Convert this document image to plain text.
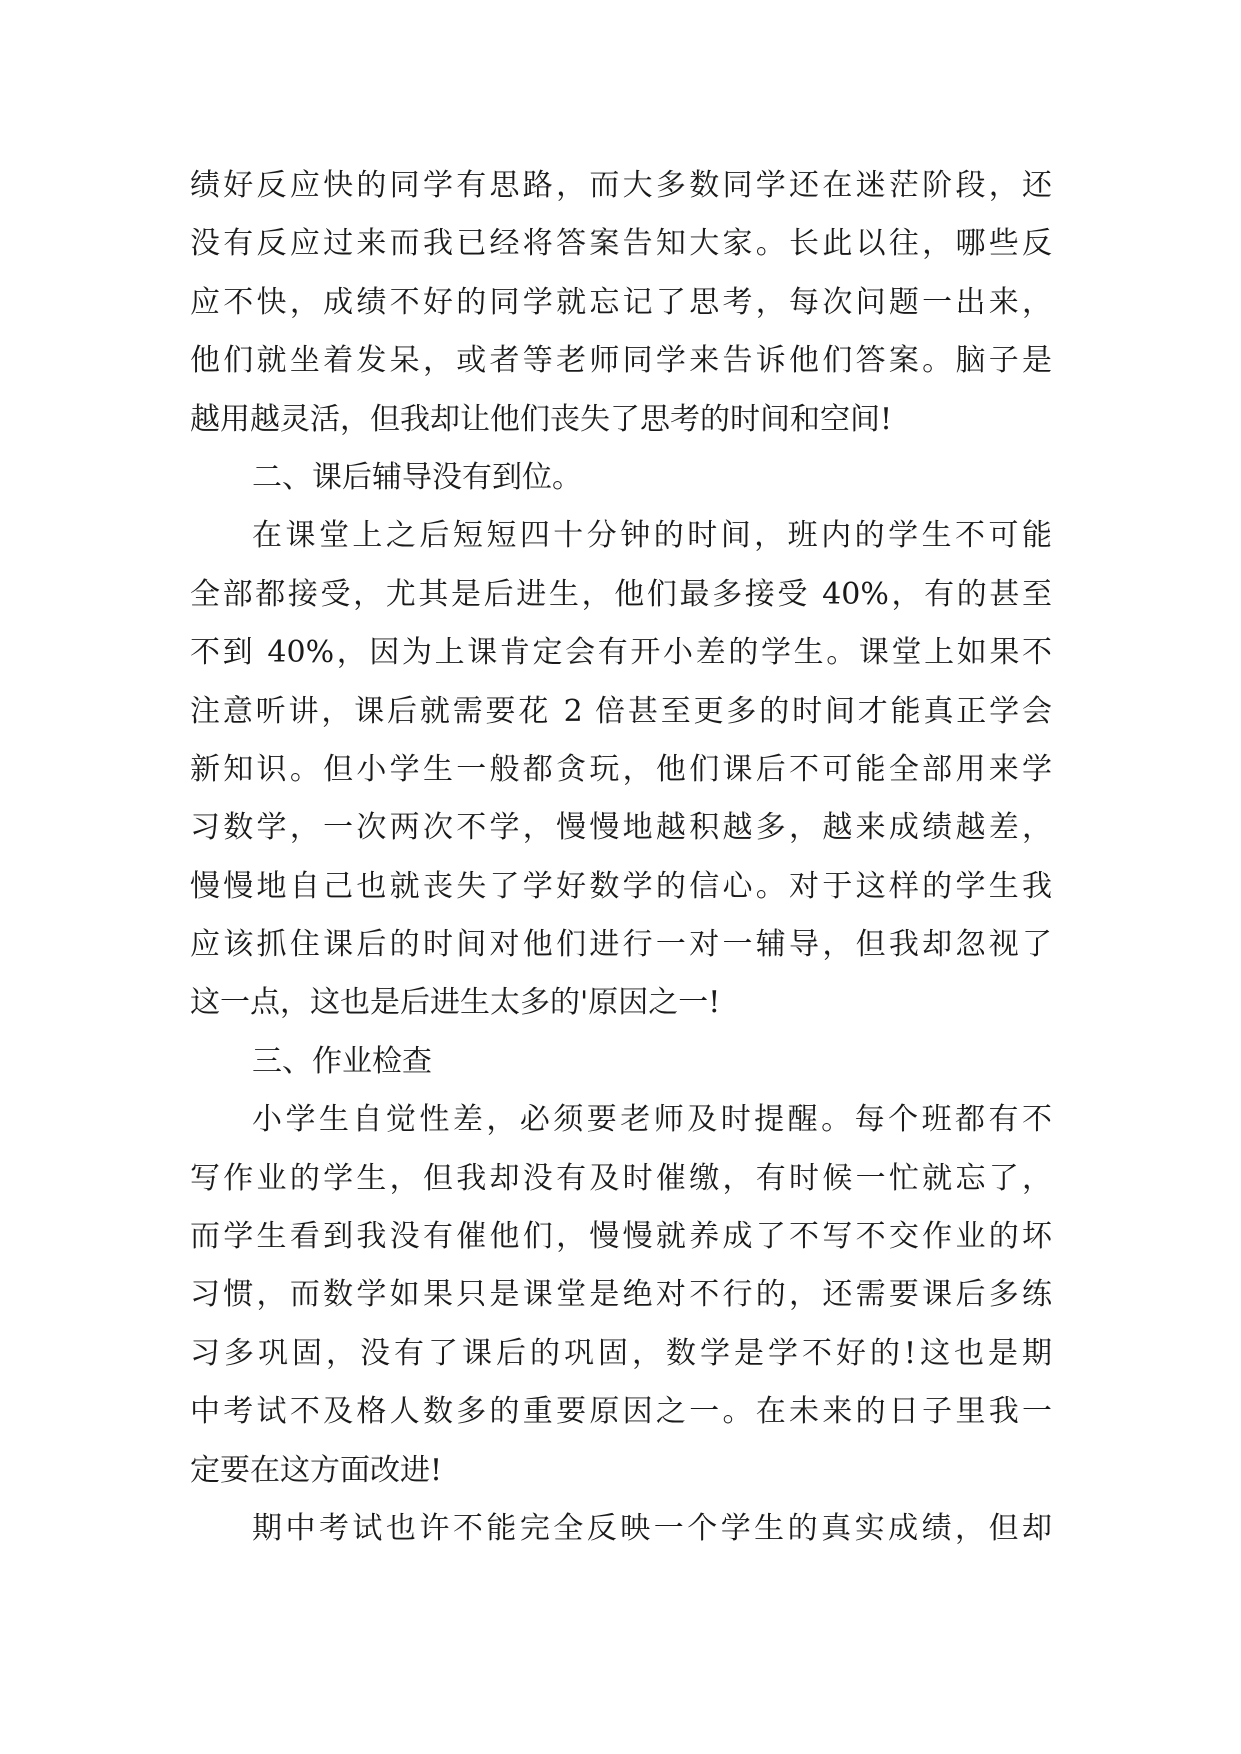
绩好反应快的同学有思路，而大多数同学还在迷茫阶段，还
没有反应过来而我已经将答案告知大家。长此以往，哪些反
应不快，成绩不好的同学就忘记了思考，每次问题一出来，
他们就坐着发呆，或者等老师同学来告诉他们答案。脑子是
越用越灵活，但我却让他们丧失了思考的时间和空间!
二、课后辅导没有到位。
在课堂上之后短短四十分钟的时间，班内的学生不可能
全部都接受，尤其是后进生，他们最多接受 40%，有的甚至
不到 40%，因为上课肯定会有开小差的学生。课堂上如果不
注意听讲，课后就需要花 2 倍甚至更多的时间才能真正学会
新知识。但小学生一般都贪玩，他们课后不可能全部用来学
习数学，一次两次不学，慢慢地越积越多，越来成绩越差，
慢慢地自己也就丧失了学好数学的信心。对于这样的学生我
应该抓住课后的时间对他们进行一对一辅导，但我却忽视了
这一点，这也是后进生太多的'原因之一!
三、作业检查
小学生自觉性差，必须要老师及时提醒。每个班都有不
写作业的学生，但我却没有及时催缴，有时候一忙就忘了，
而学生看到我没有催他们，慢慢就养成了不写不交作业的坏
习惯，而数学如果只是课堂是绝对不行的，还需要课后多练
习多巩固，没有了课后的巩固，数学是学不好的!这也是期
中考试不及格人数多的重要原因之一。在未来的日子里我一
定要在这方面改进!
期中考试也许不能完全反映一个学生的真实成绩，但却
